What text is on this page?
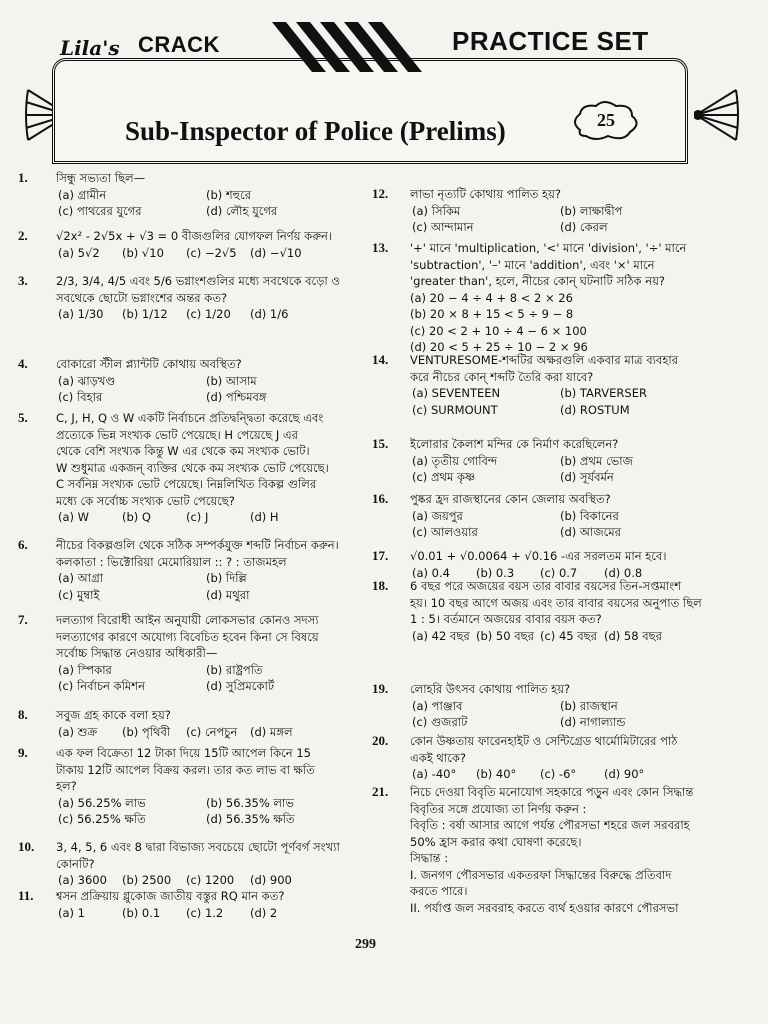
Lila's CRACK	PRACTICE SET
25
Sub-Inspector of Police (Prelims)
1. সিন্ধু সভ্যতা ছিল—
(a) গ্রামীন	(b) শহুরে
(c) পাথরের যুগের	(d) লৌহ যুগের
2. √2x² - 2√5x + √3 = 0 বীজগুলির যোগফল নির্ণয় করুন।
(a) 5√2 (b) √10 (c) −2√5 (d) −√10
3. 2/3, 3/4, 4/5 এবং 5/6 ভগ্নাংশগুলির মধ্যে সবথেকে বড়ো ও
সবথেকে ছোটো ভগ্নাংশের অন্তর কত?
(a) 1/30 (b) 1/12 (c) 1/20 (d) 1/6
4. বোকারো স্টীল প্ল্যান্টটি কোথায় অবস্থিত?
(a) ঝাড়খণ্ড	(b) আসাম
(c) বিহার	(d) পশ্চিমবঙ্গ
5. C, J, H, Q ও W একটি নির্বাচনে প্রতিদ্বন্দ্বিতা করেছে এবং
প্রত্যেকে ভিন্ন সংখ্যক ভোট পেয়েছে। H পেয়েছে J এর
থেকে বেশি সংখ্যক কিন্তু W এর থেকে কম সংখ্যক ভোট।
W শুধুমাত্র একজন্ ব্যক্তির থেকে কম সংখ্যক ভোট পেয়েছে।
C সর্বনিম্ন সংখ্যক ভোট পেয়েছে। নিম্নলিখিত বিকল্প গুলির
মধ্যে কে সর্বোচ্চ সংখ্যক ভোট পেয়েছে?
(a) W	(b) Q	(c) J	(d) H
6. নীচের বিকল্পগুলি থেকে সঠিক সম্পর্কযুক্ত শব্দটি নির্বাচন করুন।
কলকাতা : ভিক্টোরিয়া মেমোরিয়াল :: ? : তাজমহল
(a) আগ্রা	(b) দিল্লি
(c) মুম্বাই	(d) মথুরা
7. দলত্যাগ বিরোধী আইন অনুযায়ী লোকসভার কোনও সদস্য
দলত্যাগের কারণে অযোগ্য বিবেচিত হবেন কিনা সে বিষয়ে
সর্বোচ্চ সিদ্ধান্ত নেওয়ার অধিকারী—
(a) স্পিকার	(b) রাষ্ট্রপতি
(c) নির্বাচন কমিশন	(d) সুপ্রিমকোর্ট
8. সবুজ গ্রহ কাকে বলা হয়?
(a) শুক্র (b) পৃথিবী (c) নেপচুন (d) মঙ্গল
9. এক ফল বিক্রেতা 12 টাকা দিয়ে 15টি আপেল কিনে 15
টাকায় 12টি আপেল বিক্রয় করল। তার কত লাভ বা ক্ষতি
হল?
(a) 56.25% লাভ	(b) 56.35% লাভ
(c) 56.25% ক্ষতি	(d) 56.35% ক্ষতি
10. 3, 4, 5, 6 এবং 8 দ্বারা বিভাজ্য সবচেয়ে ছোটো পূর্ণবর্গ সংখ্যা
কোনটি?
(a) 3600 (b) 2500 (c) 1200 (d) 900
11. শ্বসন প্রক্রিয়ায় গ্লুকোজ জাতীয় বস্তুর RQ মান কত?
(a) 1	(b) 0.1 (c) 1.2 (d) 2
12. লাভা নৃত্যটি কোথায় পালিত হয়?
(a) সিকিম	(b) লাক্ষাদ্বীপ
(c) আন্দামান	(d) কেরল
13. '+' মানে 'multiplication, '<' মানে 'division', '÷' মানে
'subtraction', '–' মানে 'addition', এবং '×' মানে
'greater than', হলে, নীচের কোন্ ঘটনাটি সঠিক নয়?
(a) 20 − 4 ÷ 4 + 8 < 2 × 26
(b) 20 × 8 + 15 < 5 ÷ 9 − 8
(c) 20 < 2 + 10 ÷ 4 − 6 × 100
(d) 20 < 5 + 25 ÷ 10 − 2 × 96
14. VENTURESOME-শব্দটির অক্ষরগুলি একবার মাত্র ব্যবহার
করে নীচের কোন্ শব্দটি তৈরি করা যাবে?
(a) SEVENTEEN	(b) TARVERSER
(c) SURMOUNT	(d) ROSTUM
15. ইলোরার কৈলাশ মন্দির কে নির্মাণ করেছিলেন?
(a) তৃতীয় গোবিন্দ	(b) প্রথম ভোজ
(c) প্রথম কৃষ্ণ	(d) সূর্যবর্মন
16. পুষ্কর হ্রদ রাজস্থানের কোন জেলায় অবস্থিত?
(a) জয়পুর	(b) বিকানের
(c) আলওয়ার	(d) আজমের
17. √0.01 + √0.0064 + √0.16 -এর সরলতম মান হবে।
(a) 0.4 (b) 0.3 (c) 0.7 (d) 0.8
18. 6 বছর পরে অজয়ের বয়স তার বাবার বয়সের তিন-সপ্তমাংশ
হয়। 10 বছর আগে অজয় এবং তার বাবার বয়সের অনুপাত ছিল
1 : 5। বর্তমানে অজয়ের বাবার বয়স কত?
(a) 42 বছর (b) 50 বছর (c) 45 বছর (d) 58 বছর
19. লোহরি উৎসব কোথায় পালিত হয়?
(a) পাঞ্জাব	(b) রাজস্থান
(c) গুজরাট	(d) নাগাল্যান্ড
20. কোন উষ্ণতায় ফারেনহাইট ও সেন্টিগ্রেড থার্মোমিটারের পাঠ
একই থাকে?
(a) -40° (b) 40° (c) -6° (d) 90°
21. নিচে দেওয়া বিবৃতি মনোযোগ সহকারে পড়ুন এবং কোন সিদ্ধান্ত
বিবৃতির সঙ্গে প্রযোজ্য তা নির্ণয় করুন :
বিবৃতি : বর্ষা আসার আগে পর্যন্ত পৌরসভা শহরে জল সরবরাহ
50% হ্রাস করার কথা ঘোষণা করেছে।
সিদ্ধান্ত :
I. জনগণ পৌরসভার একতরফা সিদ্ধান্তের বিরুদ্ধে প্রতিবাদ
করতে পারে।
II. পর্যাপ্ত জল সরবরাহ করতে ব্যর্থ হওয়ার কারণে পৌরসভা
299
